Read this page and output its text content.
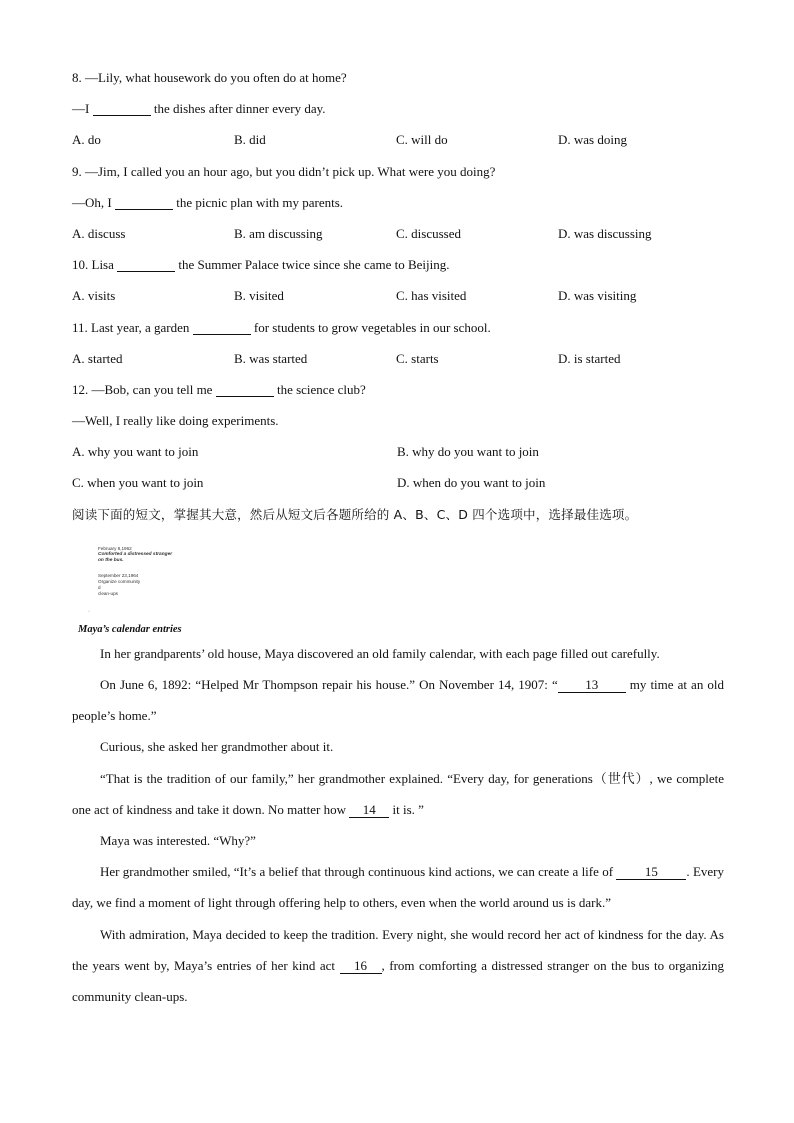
8. —Lily, what housework do you often do at home?
—I	the dishes after dinner every day.
A. do	B. did	C. will do	D. was doing
9. —Jim, I called you an hour ago, but you didn’t pick up. What were you doing?
—Oh, I	the picnic plan with my parents.
A. discuss	B. am discussing	C. discussed	D. was discussing
10. Lisa	the Summer Palace twice since she came to Beijing.
A. visits	B. visited	C. has visited	D. was visiting
11. Last year, a garden	for students to grow vegetables in our school.
A. started	B. was started	C. starts	D. is started
12. —Bob, can you tell me	the science club?
—Well, I really like doing experiments.
A. why you want to join	B. why do you want to join
C. when you want to join	D. when do you want to join
阅读下面的短文，掌握其大意，然后从短文后各题所给的 A、B、C、D 四个选项中，选择最佳选项。
February 8,1962
Comforted a distressed stranger on the bus.
September 23,1964
Organize community
d
clean-ups
·
Maya’s calendar entries
In her grandparents’ old house, Maya discovered an old family calendar, with each page filled out carefully.
On June 6, 1892: “Helped Mr Thompson repair his house.” On November 14, 1907: “ 13 my time at an old people’s home.”
Curious, she asked her grandmother about it.
“That is the tradition of our family,” her grandmother explained. “Every day, for generations（世代）, we complete one act of kindness and take it down. No matter how 14 it is. ”
Maya was interested. “Why?”
Her grandmother smiled, “It’s a belief that through continuous kind actions, we can create a life of 15 . Every day, we find a moment of light through offering help to others, even when the world around us is dark.”
With admiration, Maya decided to keep the tradition. Every night, she would record her act of kindness for the day. As the years went by, Maya’s entries of her kind act 16 , from comforting a distressed stranger on the bus to organizing community clean-ups.
